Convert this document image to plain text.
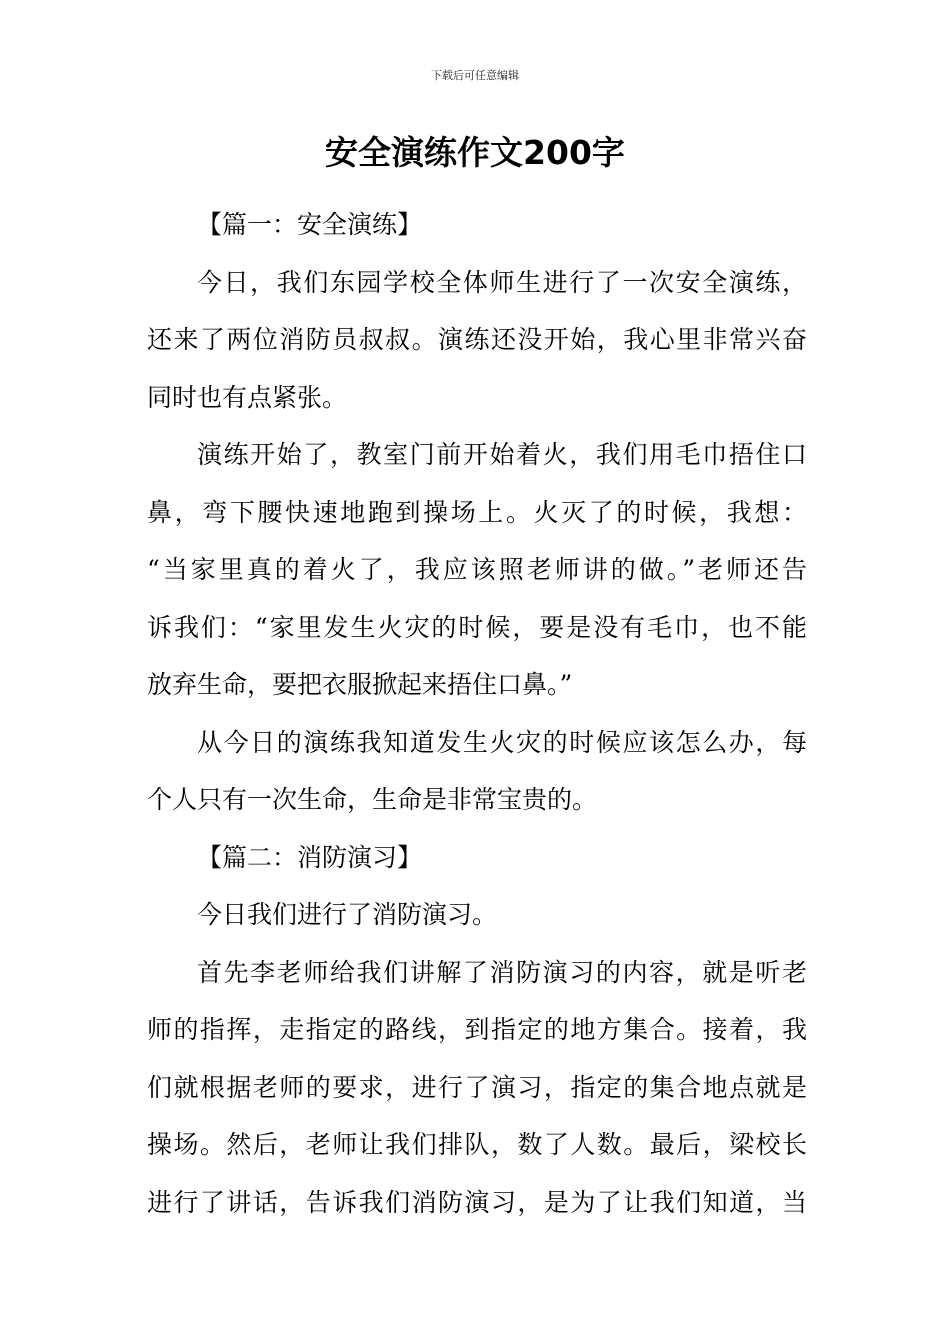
下载后可任意编辑
安全演练作文200字
【篇一：安全演练】
今日，我们东园学校全体师生进行了一次安全演练，
还来了两位消防员叔叔。演练还没开始，我心里非常兴奋
同时也有点紧张。
演练开始了，教室门前开始着火，我们用毛巾捂住口
鼻，弯下腰快速地跑到操场上。火灭了的时候，我想：
“当家里真的着火了，我应该照老师讲的做。”老师还告
诉我们：“家里发生火灾的时候，要是没有毛巾，也不能
放弃生命，要把衣服掀起来捂住口鼻。”
从今日的演练我知道发生火灾的时候应该怎么办，每
个人只有一次生命，生命是非常宝贵的。
【篇二：消防演习】
今日我们进行了消防演习。
首先李老师给我们讲解了消防演习的内容，就是听老
师的指挥，走指定的路线，到指定的地方集合。接着，我
们就根据老师的要求，进行了演习，指定的集合地点就是
操场。然后，老师让我们排队，数了人数。最后，梁校长
进行了讲话，告诉我们消防演习，是为了让我们知道，当
